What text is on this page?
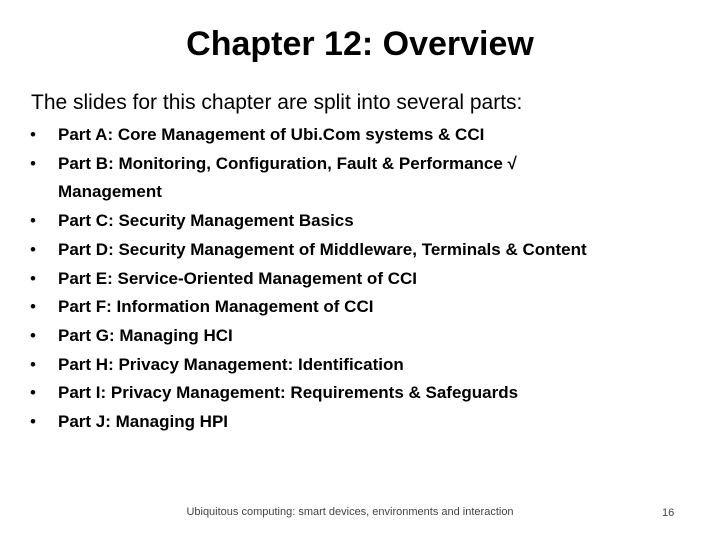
Chapter 12: Overview
The slides for this chapter are split into several parts:
• Part A: Core Management of Ubi.Com systems & CCI
• Part B: Monitoring, Configuration, Fault & Performance √
Management
• Part C: Security Management Basics
• Part D: Security Management of Middleware, Terminals & Content
• Part E: Service-Oriented Management of CCI
• Part F: Information Management of CCI
• Part G: Managing HCI
• Part H: Privacy Management: Identification
• Part I: Privacy Management: Requirements & Safeguards
• Part J: Managing HPI
Ubiquitous computing: smart devices, environments and interaction	16
